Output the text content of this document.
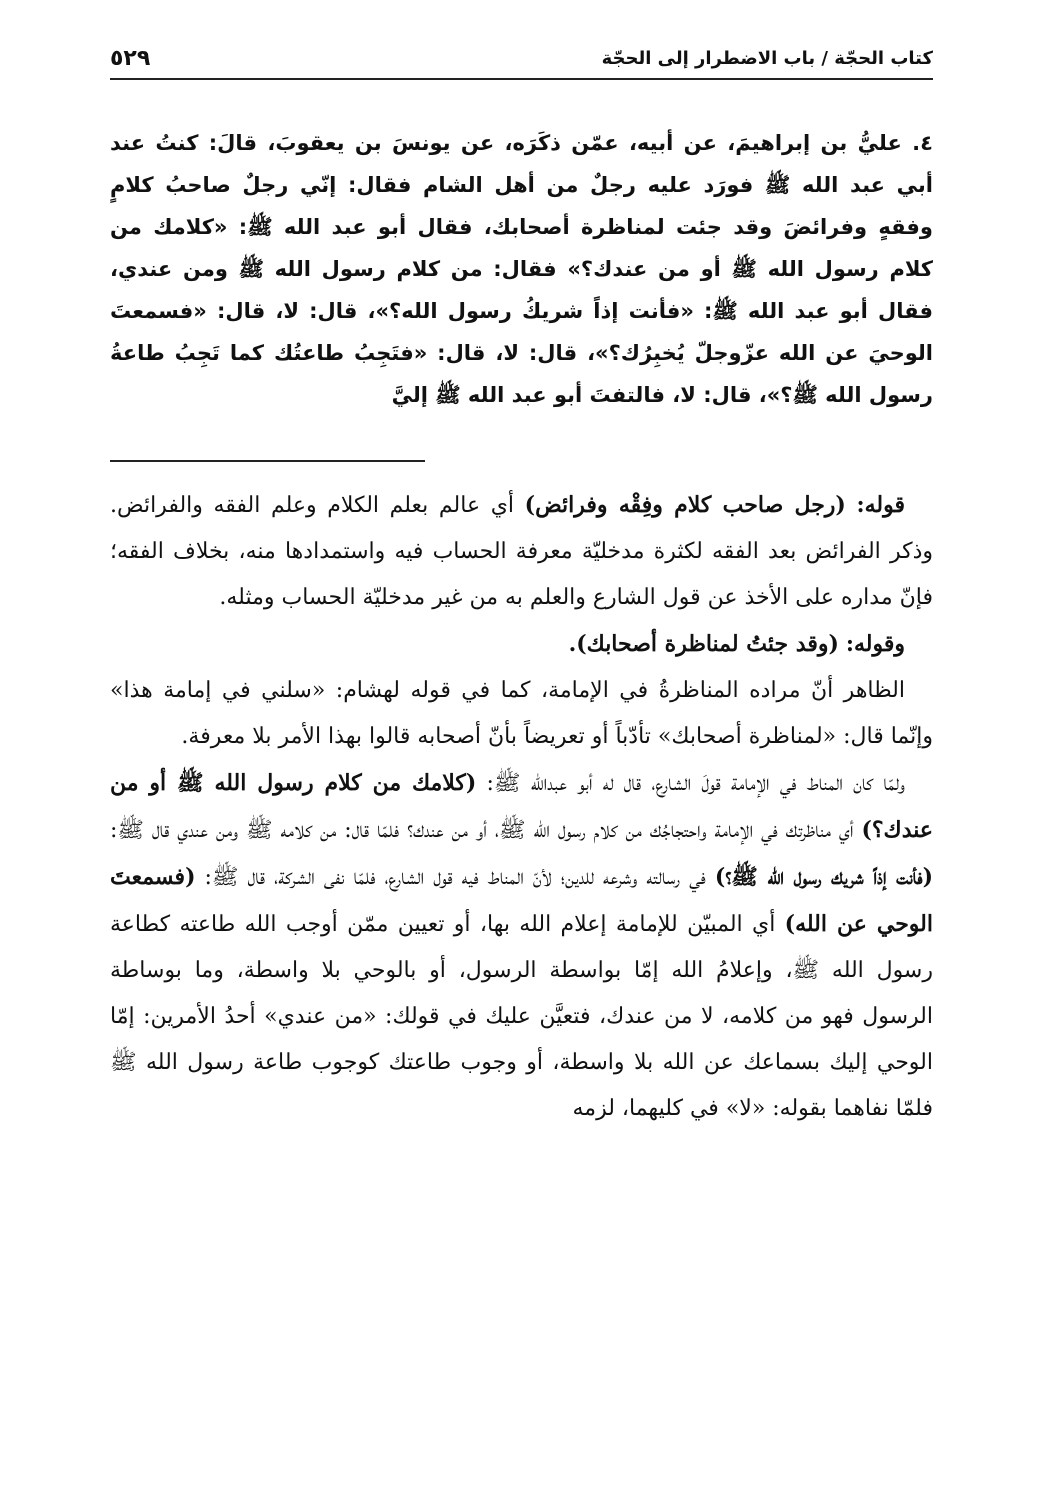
كتاب الحجّة / باب الاضطرار إلى الحجّة
٥٢٩
٤. عليُّ بن إبراهيمَ، عن أبيه، عمّن ذكَرَه، عن يونسَ بن يعقوبَ، قالَ: كنتُ عند أبي عبد الله ﷺ فورَد عليه رجلٌ من أهل الشام فقال: إنّي رجلٌ صاحبُ كلامٍ وفقهٍ وفرائضَ وقد جئت لمناظرة أصحابك، فقال أبو عبد الله ﷺ: «كلامك من كلام رسول الله ﷺ أو من عندك؟» فقال: من كلام رسول الله ﷺ ومن عندي، فقال أبو عبد الله ﷺ: «فأنت إذاً شريكُ رسول الله؟»، قال: لا، قال: «فسمعتَ الوحيَ عن الله عزّوجلّ يُخبِرُك؟»، قال: لا، قال: «فتَجِبُ طاعتُك كما تَجِبُ طاعةُ رسول الله ﷺ؟»، قال: لا، فالتفتَ أبو عبد الله ﷺ إليَّ

قوله: (رجل صاحب كلام وفِقْه وفرائض) أي عالم بعلم الكلام وعلم الفقه والفرائض. وذكر الفرائض بعد الفقه لكثرة مدخليّة معرفة الحساب فيه واستمدادها منه، بخلاف الفقه؛ فإنّ مداره على الأخذ عن قول الشارع والعلم به من غير مدخليّة الحساب ومثله.

وقوله: (وقد جئتُ لمناظرة أصحابك).

الظاهر أنّ مراده المناظرةُ في الإمامة، كما في قوله لهشام: «سلني في إمامة هذا» وإنّما قال: «لمناظرة أصحابك» تأدّباً أو تعريضاً بأنّ أصحابه قالوا بهذا الأمر بلا معرفة.

ولمّا كان المناط في الإمامة قولَ الشارع، قال له أبو عبدالله ﷺ: (كلامك من كلام رسول الله ﷺ أو من عندك؟) أي مناظرتك في الإمامة واحتجاجُك من كلام رسول الله ﷺ، أو من عندك؟ فلمّا قال: من كلامه ﷺ ومن عندي قال ﷺ: (فأنت إذاً شريك رسول الله ﷺ؟) في رسالته وشرعه للدين؛ لأنّ المناط فيه قول الشارع، فلمّا نفى الشركة، قال ﷺ: (فسمعتَ الوحي عن الله) أي المبيّن للإمامة إعلام الله بها، أو تعيين ممّن أوجب الله طاعته كطاعة رسول الله ﷺ، وإعلامُ الله إمّا بواسطة الرسول، أو بالوحي بلا واسطة، وما بوساطة الرسول فهو من كلامه، لا من عندك، فتعيَّن عليك في قولك: «من عندي» أحدُ الأمرين: إمّا الوحي إليك بسماعك عن الله بلا واسطة، أو وجوب طاعتك كوجوب طاعة رسول الله ﷺ فلمّا نفاهما بقوله: «لا» في كليهما، لزمه
